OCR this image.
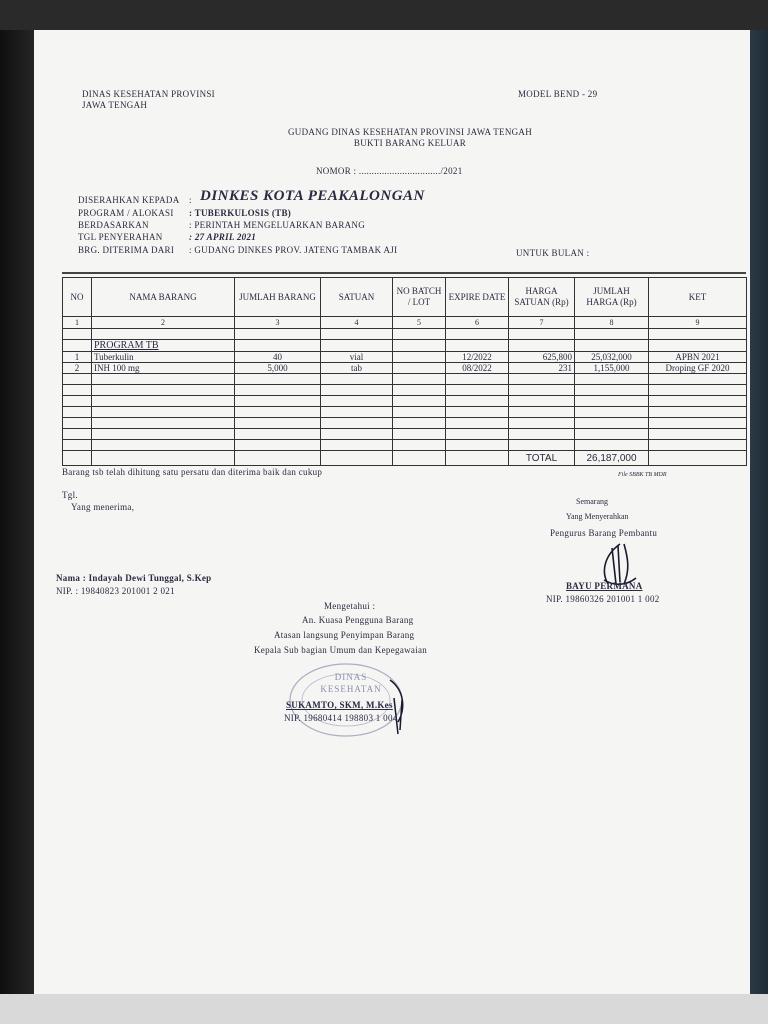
DINAS KESEHATAN PROVINSI
JAWA TENGAH
MODEL BEND - 29
GUDANG DINAS KESEHATAN PROVINSI JAWA TENGAH
BUKTI BARANG KELUAR
NOMOR : ................................/2021
DISERAHKAN KEPADA : DINKES KOTA PEAKALONGAN
PROGRAM / ALOKASI : TUBERKULOSIS (TB)
BERDASARKAN	: PERINTAH MENGELUARKAN BARANG
TGL PENYERAHAN	: 27 APRIL 2021
BRG. DITERIMA DARI : GUDANG DINKES PROV. JATENG TAMBAK AJI	UNTUK BULAN :
NO	NAMA BARANG	JUMLAH BARANG	SATUAN	NO BATCH / LOT	EXPIRE DATE	HARGA SATUAN (Rp)	JUMLAH HARGA (Rp)	KET
1	2	3	4	5	6	7	8	9

	PROGRAM TB							
1	Tuberkulin	40	vial		12/2022	625,800	25,032,000	APBN 2021
2	INH 100 mg	5,000	tab		08/2022	231	1,155,000	Droping GF 2020

						TOTAL	26,187,000	
File SBBK TB MDR
Barang tsb telah dihitung satu persatu dan diterima baik dan cukup
Tgl.
Yang menerima,
Nama : Indayah Dewi Tunggal, S.Kep
NIP. : 19840823 201001 2 021
Semarang
Yang Menyerahkan
Pengurus Barang Pembantu
BAYU PERMANA
NIP. 19860326 201001 1 002
Mengetahui :
An. Kuasa Pengguna Barang
Atasan langsung Penyimpan Barang
Kepala Sub bagian Umum dan Kepegawaian
DINAS
KESEHATAN
SUKAMTO, SKM, M.Kes
NIP. 19680414 198803 1 004
